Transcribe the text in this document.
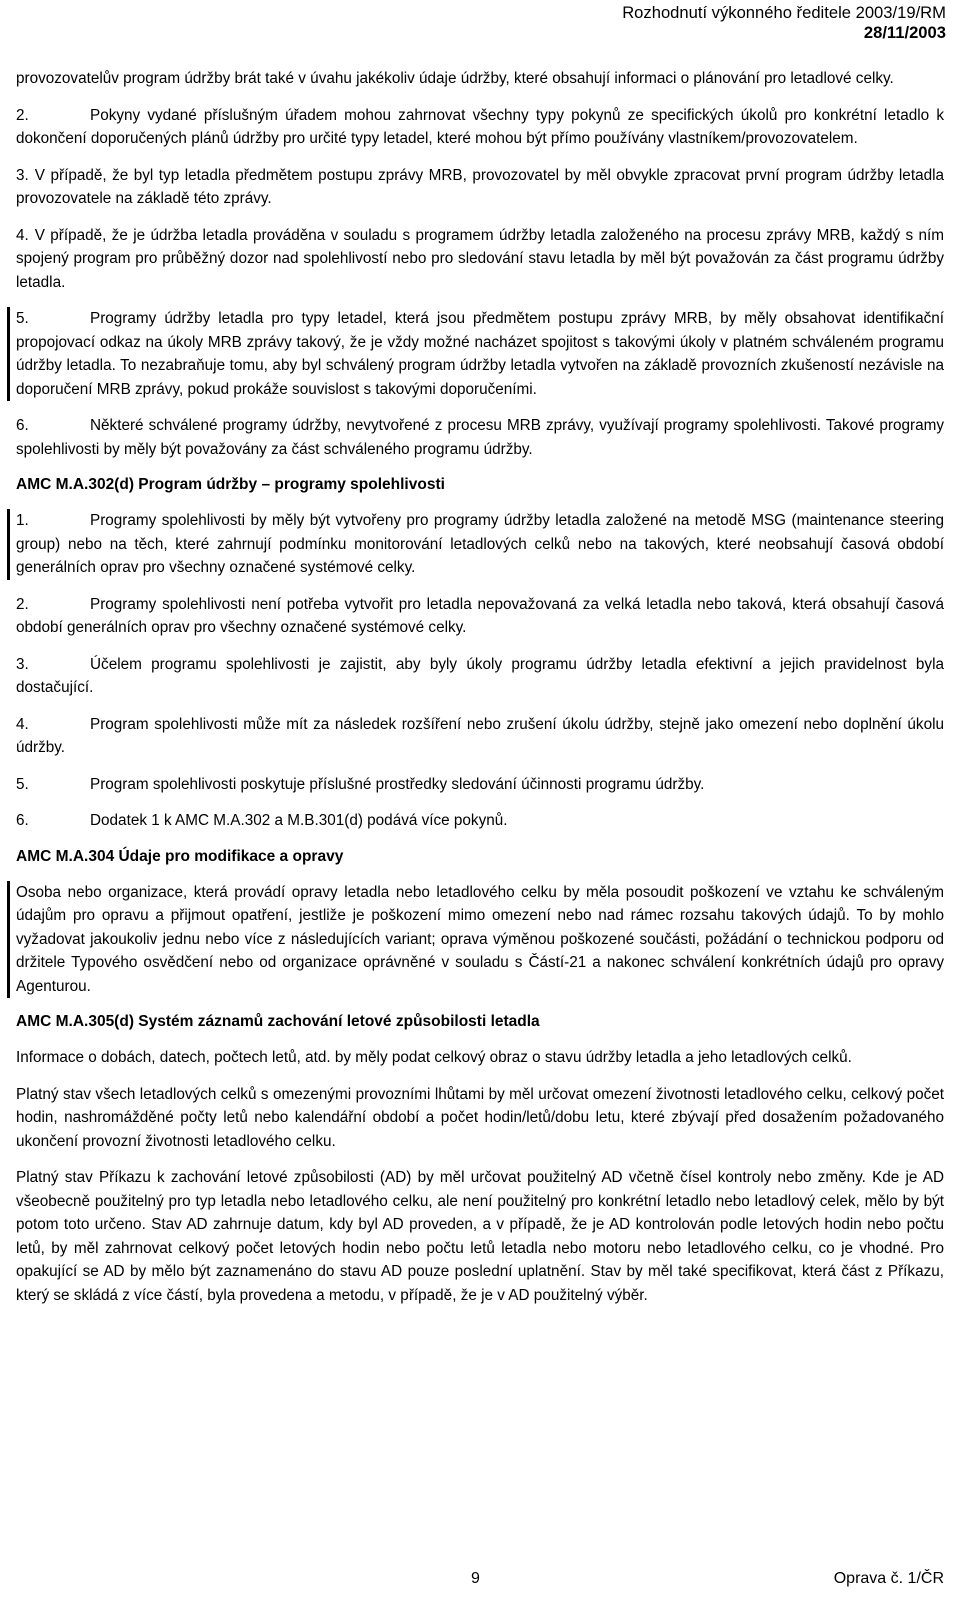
Rozhodnutí výkonného ředitele 2003/19/RM
28/11/2003

provozovatelův program údržby brát také v úvahu jakékoliv údaje údržby, které obsahují informaci o plánování pro letadlové celky.

2.	Pokyny vydané příslušným úřadem mohou zahrnovat všechny typy pokynů ze specifických úkolů pro konkrétní letadlo k dokončení doporučených plánů údržby pro určité typy letadel, které mohou být přímo používány vlastníkem/provozovatelem.

3. V případě, že byl typ letadla předmětem postupu zprávy MRB, provozovatel by měl obvykle zpracovat první program údržby letadla provozovatele na základě této zprávy.

4. V případě, že je údržba letadla prováděna v souladu s programem údržby letadla založeného na procesu zprávy MRB, každý s ním spojený program pro průběžný dozor nad spolehlivostí nebo pro sledování stavu letadla by měl být považován za část programu údržby letadla.

5.	Programy údržby letadla pro typy letadel, která jsou předmětem postupu zprávy MRB, by měly obsahovat identifikační propojovací odkaz na úkoly MRB zprávy takový, že je vždy možné nacházet spojitost s takovými úkoly v platném schváleném programu údržby letadla. To nezabraňuje tomu, aby byl schválený program údržby letadla vytvořen na základě provozních zkušeností nezávisle na doporučení MRB zprávy, pokud prokáže souvislost s takovými doporučeními.

6.	Některé schválené programy údržby, nevytvořené z procesu MRB zprávy, využívají programy spolehlivosti. Takové programy spolehlivosti by měly být považovány za část schváleného programu údržby.

AMC M.A.302(d) Program údržby – programy spolehlivosti

1.	Programy spolehlivosti by měly být vytvořeny pro programy údržby letadla založené na metodě MSG (maintenance steering group) nebo na těch, které zahrnují podmínku monitorování letadlových celků nebo na takových, které neobsahují časová období generálních oprav pro všechny označené systémové celky.

2.	Programy spolehlivosti není potřeba vytvořit pro letadla nepovažovaná za velká letadla nebo taková, která obsahují časová období generálních oprav pro všechny označené systémové celky.

3.	Účelem programu spolehlivosti je zajistit, aby byly úkoly programu údržby letadla efektivní a jejich pravidelnost byla dostačující.

4.	Program spolehlivosti může mít za následek rozšíření nebo zrušení úkolu údržby, stejně jako omezení nebo doplnění úkolu údržby.

5.	Program spolehlivosti poskytuje příslušné prostředky sledování účinnosti programu údržby.

6.	Dodatek 1 k AMC M.A.302 a M.B.301(d) podává více pokynů.

AMC M.A.304 Údaje pro modifikace a opravy

Osoba nebo organizace, která provádí opravy letadla nebo letadlového celku by měla posoudit poškození ve vztahu ke schváleným údajům pro opravu a přijmout opatření, jestliže je poškození mimo omezení nebo nad rámec rozsahu takových údajů. To by mohlo vyžadovat jakoukoliv jednu nebo více z následujících variant; oprava výměnou poškozené součásti, požádání o technickou podporu od držitele Typového osvědčení nebo od organizace oprávněné v souladu s Částí-21 a nakonec schválení konkrétních údajů pro opravy Agenturou.

AMC M.A.305(d) Systém záznamů zachování letové způsobilosti letadla

Informace o dobách, datech, počtech letů, atd. by měly podat celkový obraz o stavu údržby letadla a jeho letadlových celků.

Platný stav všech letadlových celků s omezenými provozními lhůtami by měl určovat omezení životnosti letadlového celku, celkový počet hodin, nashromážděné počty letů nebo kalendářní období a počet hodin/letů/dobu letu, které zbývají před dosažením požadovaného ukončení provozní životnosti letadlového celku.

Platný stav Příkazu k zachování letové způsobilosti (AD) by měl určovat použitelný AD včetně čísel kontroly nebo změny. Kde je AD všeobecně použitelný pro typ letadla nebo letadlového celku, ale není použitelný pro konkrétní letadlo nebo letadlový celek, mělo by být potom toto určeno. Stav AD zahrnuje datum, kdy byl AD proveden, a v případě, že je AD kontrolován podle letových hodin nebo počtu letů, by měl zahrnovat celkový počet letových hodin nebo počtu letů letadla nebo motoru nebo letadlového celku, co je vhodné. Pro opakující se AD by mělo být zaznamenáno do stavu AD pouze poslední uplatnění. Stav by měl také specifikovat, která část z Příkazu, který se skládá z více částí, byla provedena a metodu, v případě, že je v AD použitelný výběr.

9	Oprava č. 1/ČR
